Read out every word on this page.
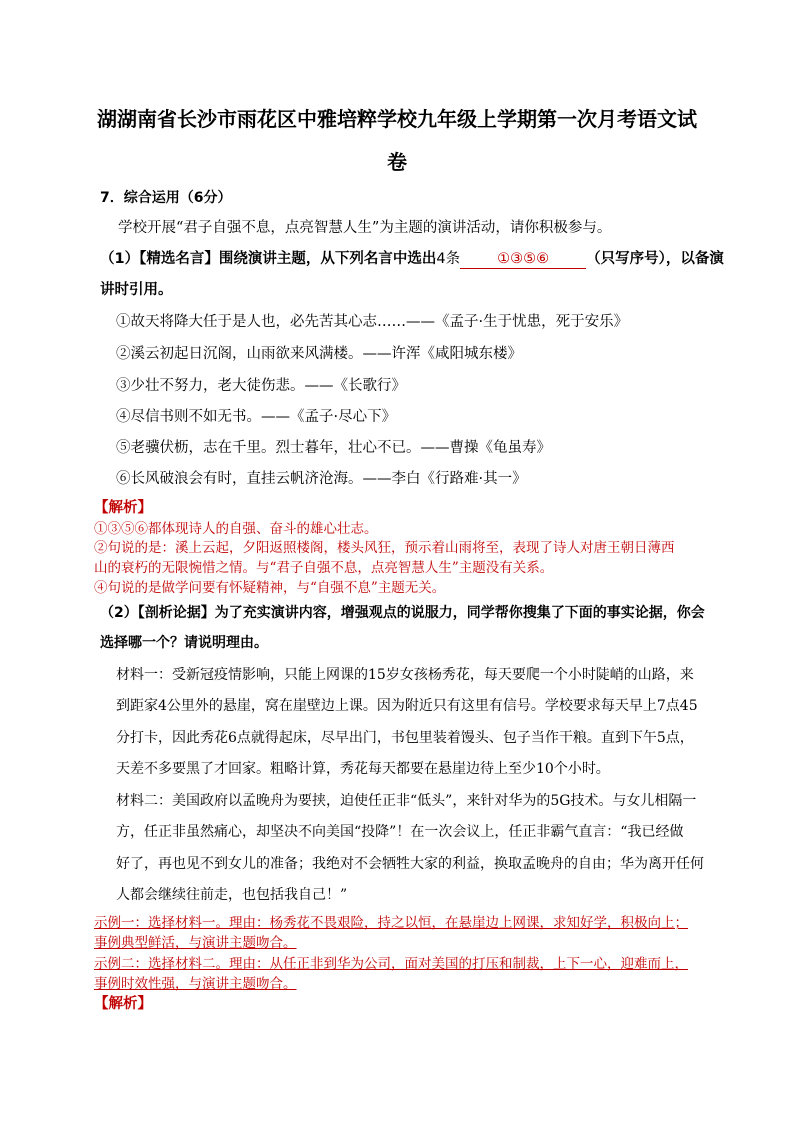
湖湖南省长沙市雨花区中雅培粹学校九年级上学期第一次月考语文试
卷
7．综合运用（6分）
学校开展“君子自强不息，点亮智慧人生”为主题的演讲活动，请你积极参与。
（1）【精选名言】围绕演讲主题，从下列名言中选出4条	①③⑤⑥	（只写序号），以备演
讲时引用。
①故天将降大任于是人也，必先苦其心志……——《孟子·生于忧患，死于安乐》
②溪云初起日沉阁，山雨欲来风满楼。——许浑《咸阳城东楼》
③少壮不努力，老大徒伤悲。——《长歌行》
④尽信书则不如无书。——《孟子·尽心下》
⑤老骥伏枥，志在千里。烈士暮年，壮心不已。——曹操《龟虽寿》
⑥长风破浪会有时，直挂云帆济沧海。——李白《行路难·其一》
【解析】
①③⑤⑥都体现诗人的自强、奋斗的雄心壮志。
②句说的是：溪上云起，夕阳返照楼阁，楼头风狂，预示着山雨将至，表现了诗人对唐王朝日薄西
山的衰朽的无限惋惜之情。与“君子自强不息，点亮智慧人生”主题没有关系。
④句说的是做学问要有怀疑精神，与“自强不息”主题无关。
（2）【剖析论据】为了充实演讲内容，增强观点的说服力，同学帮你搜集了下面的事实论据，你会
选择哪一个？请说明理由。
材料一：受新冠疫情影响，只能上网课的15岁女孩杨秀花，每天要爬一个小时陡峭的山路，来
到距家4公里外的悬崖，窝在崖壁边上课。因为附近只有这里有信号。学校要求每天早上7点45
分打卡，因此秀花6点就得起床，尽早出门，书包里装着馒头、包子当作干粮。直到下午5点，
天差不多要黑了才回家。粗略计算，秀花每天都要在悬崖边待上至少10个小时。
材料二：美国政府以孟晚舟为要挟，迫使任正非“低头”，来针对华为的5G技术。与女儿相隔一
方，任正非虽然痛心，却坚决不向美国“投降”！在一次会议上，任正非霸气直言：“我已经做
好了，再也见不到女儿的准备；我绝对不会牺牲大家的利益，换取孟晚舟的自由；华为离开任何
人都会继续往前走，也包括我自己！”
示例一：选择材料一。理由：杨秀花不畏艰险，持之以恒，在悬崖边上网课，求知好学，积极向上；
事例典型鲜活，与演讲主题吻合。
示例二：选择材料二。理由：从任正非到华为公司，面对美国的打压和制裁，上下一心，迎难而上，
事例时效性强，与演讲主题吻合。
【解析】
